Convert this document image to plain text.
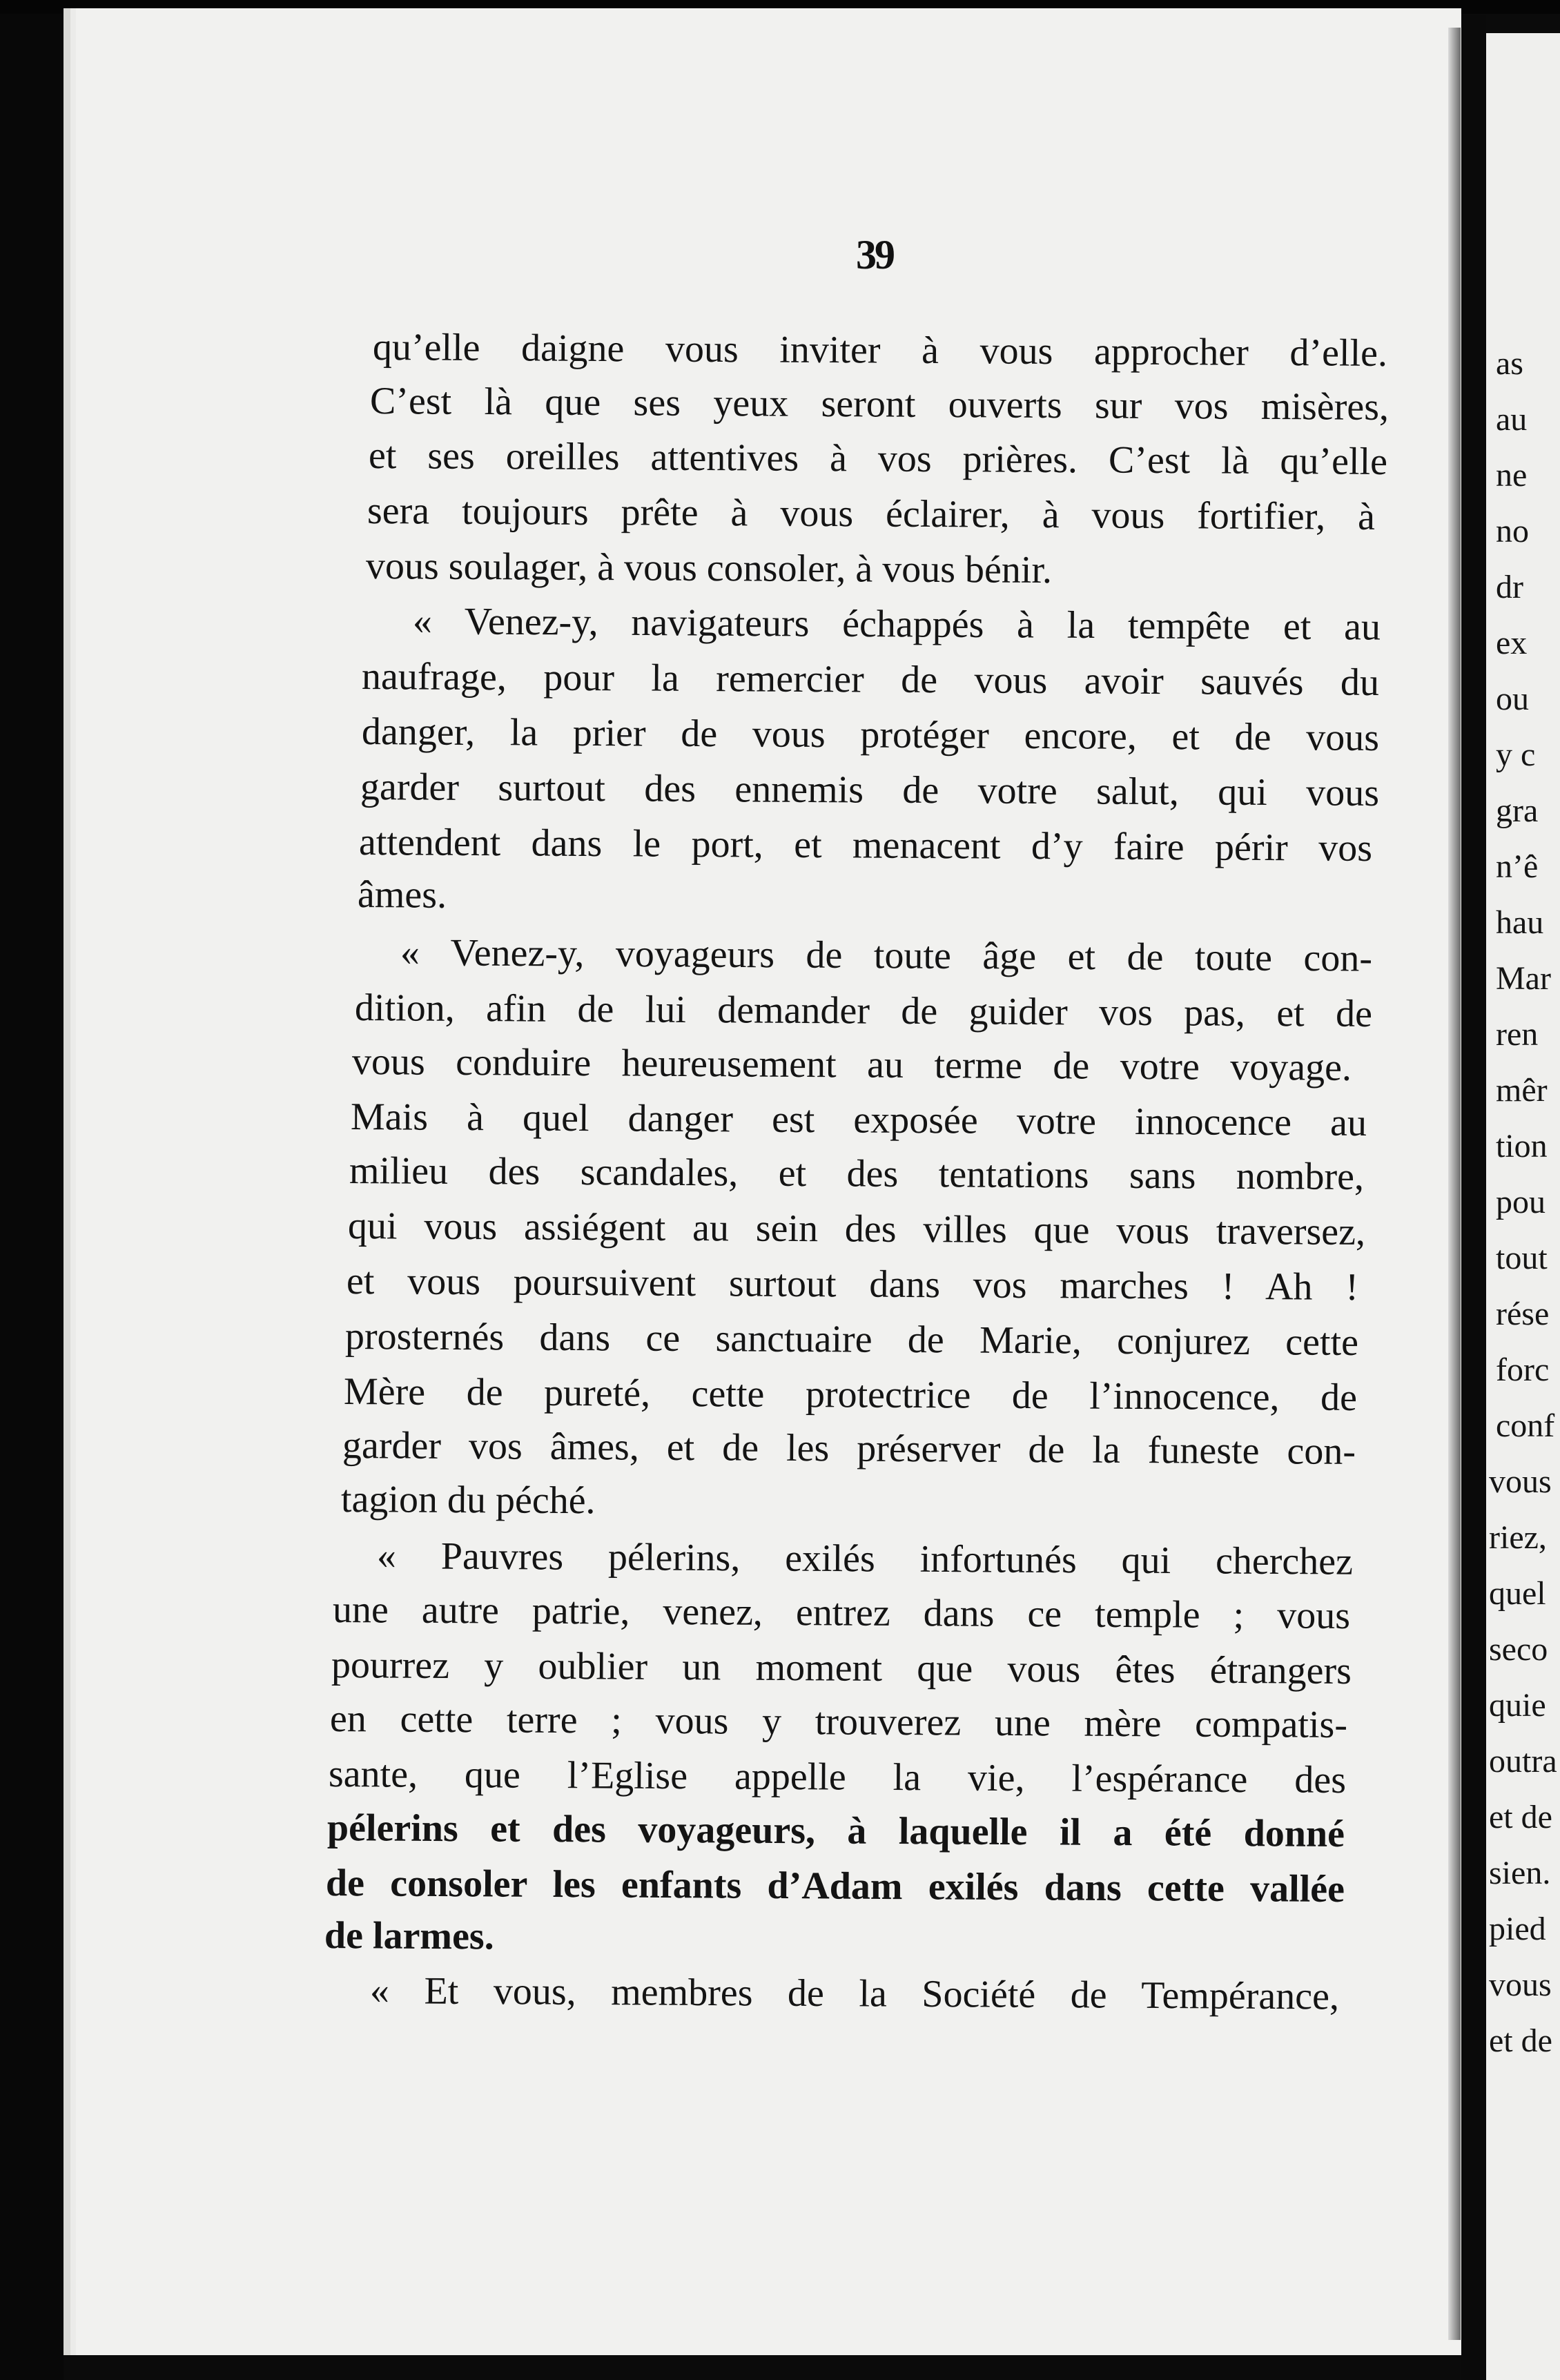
as
au
ne
no
dr
ex
ou
y c
gra
n’ê
hau
Mar
ren
mêr
tion
pou
tout
rése
forc
conf
vous
riez,
quel
seco
quie
outra
et de
sien.
pied
vous
et de
39
qu’elle daigne vous inviter à vous approcher d’elle.
C’est là que ses yeux seront ouverts sur vos misères,
et ses oreilles attentives à vos prières. C’est là qu’elle
sera toujours prête à vous éclairer, à vous fortifier, à
vous soulager, à vous consoler, à vous bénir.
« Venez-y, navigateurs échappés à la tempête et au
naufrage, pour la remercier de vous avoir sauvés du
danger, la prier de vous protéger encore, et de vous
garder surtout des ennemis de votre salut, qui vous
attendent dans le port, et menacent d’y faire périr vos
âmes.
« Venez-y, voyageurs de toute âge et de toute con-
dition, afin de lui demander de guider vos pas, et de
vous conduire heureusement au terme de votre voyage.
Mais à quel danger est exposée votre innocence au
milieu des scandales, et des tentations sans nombre,
qui vous assiégent au sein des villes que vous traversez,
et vous poursuivent surtout dans vos marches ! Ah !
prosternés dans ce sanctuaire de Marie, conjurez cette
Mère de pureté, cette protectrice de l’innocence, de
garder vos âmes, et de les préserver de la funeste con-
tagion du péché.
« Pauvres pélerins, exilés infortunés qui cherchez
une autre patrie, venez, entrez dans ce temple ; vous
pourrez y oublier un moment que vous êtes étrangers
en cette terre ; vous y trouverez une mère compatis-
sante, que l’Eglise appelle la vie, l’espérance des
pélerins et des voyageurs, à laquelle il a été donné
de consoler les enfants d’Adam exilés dans cette vallée
de larmes.
« Et vous, membres de la Société de Tempérance,
